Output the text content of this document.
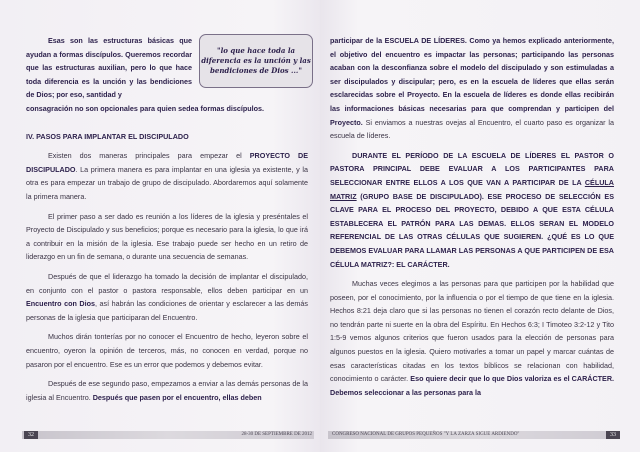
Esas son las estructuras básicas que ayudan a formas discípulos. Queremos recordar que las estructuras auxilian, pero lo que hace toda diferencia es la unción y las bendiciones de Dios; por eso, santidad y

"lo que hace toda la diferencia es la unción y las bendiciones de Dios ..."

consagración no son opcionales para quien sedea formas discípulos.

IV. PASOS PARA IMPLANTAR EL DISCIPULADO

Existen dos maneras principales para empezar el PROYECTO DE DISCIPULADO. La primera manera es para implantar en una iglesia ya existente, y la otra es para empezar un trabajo de grupo de discipulado. Abordaremos aquí solamente la primera manera.

El primer paso a ser dado es reunión a los líderes de la iglesia y preséntales el Proyecto de Discipulado y sus beneficios; porque es necesario para la iglesia, lo que irá a contribuir en la misión de la iglesia. Ese trabajo puede ser hecho en un retiro de liderazgo en un fin de semana, o durante una secuencia de semanas.

Después de que el liderazgo ha tomado la decisión de implantar el discipulado, en conjunto con el pastor o pastora responsable, ellos deben participar en un Encuentro con Dios, así habrán las condiciones de orientar y esclarecer a las demás personas de la iglesia que participaran del Encuentro.

Muchos dirán tonterías por no conocer el Encuentro de hecho, leyeron sobre el encuentro, oyeron la opinión de terceros, más, no conocen en verdad, porque no pasaron por el encuentro. Ese es un error que podemos y debemos evitar.

Después de ese segundo paso, empezamos a enviar a las demás personas de la iglesia al Encuentro. Después que pasen por el encuentro, ellas deben

32	28-30 DE SEPTIEMBRE DE 2012

participar de la ESCUELA DE LÍDERES. Como ya hemos explicado anteriormente, el objetivo del encuentro es impactar las personas; participando las personas acaban con la desconfianza sobre el modelo del discipulado y son estimuladas a ser discipulados y discipular; pero, es en la escuela de líderes que ellas serán esclarecidas sobre el Proyecto. En la escuela de líderes es donde ellas recibirán las informaciones básicas necesarias para que comprendan y participen del Proyecto. Si enviamos a nuestras ovejas al Encuentro, el cuarto paso es organizar la escuela de líderes.

DURANTE EL PERÍODO DE LA ESCUELA DE LÍDERES EL PASTOR O PASTORA PRINCIPAL DEBE EVALUAR A LOS PARTICIPANTES PARA SELECCIONAR ENTRE ELLOS A LOS QUE VAN A PARTICIPAR DE LA CÉLULA MATRIZ (GRUPO BASE DE DISCIPULADO). ESE PROCESO DE SELECCIÓN ES CLAVE PARA EL PROCESO DEL PROYECTO, DEBIDO A QUE ESTA CÉLULA ESTABLECERA EL PATRÓN PARA LAS DEMAS. ELLOS SERAN EL MODELO REFERENCIAL DE LAS OTRAS CÉLULAS QUE SUGIEREN. ¿QUÉ ES LO QUE DEBEMOS EVALUAR PARA LLAMAR LAS PERSONAS A QUE PARTICIPEN DE ESA CÉLULA MATRIZ?: EL CARÁCTER.

Muchas veces elegimos a las personas para que participen por la habilidad que poseen, por el conocimiento, por la influencia o por el tiempo de que tiene en la iglesia. Hechos 8:21 deja claro que si las personas no tienen el corazón recto delante de Dios, no tendrán parte ni suerte en la obra del Espíritu. En Hechos 6:3; I Timoteo 3:2-12 y Tito 1:5-9 vemos algunos criterios que fueron usados para la elección de personas para algunos puestos en la iglesia. Quiero motivarles a tomar un papel y marcar cuántas de esas características citadas en los textos bíblicos se relacionan con habilidad, conocimiento o carácter. Eso quiere decir que lo que Dios valoriza es el CARÁCTER. Debemos seleccionar a las personas para la

CONGRESO NACIONAL DE GRUPOS PEQUEÑOS "Y LA ZARZA SIGUE ARDIENDO"	33
